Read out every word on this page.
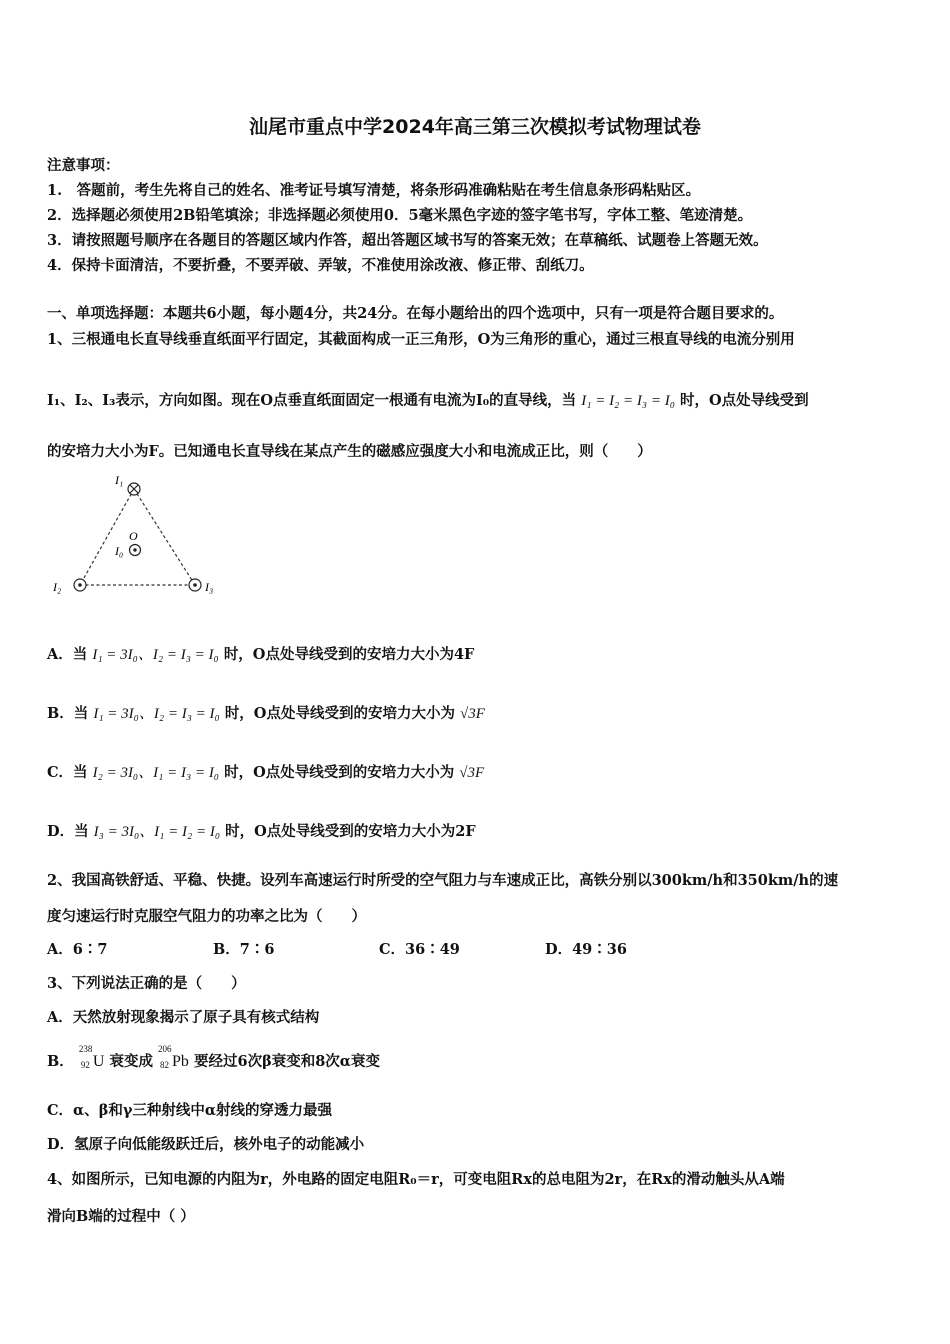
汕尾市重点中学2024年高三第三次模拟考试物理试卷
注意事项：
1.　答题前，考生先将自己的姓名、准考证号填写清楚，将条形码准确粘贴在考生信息条形码粘贴区。
2．选择题必须使用2B铅笔填涂；非选择题必须使用0．5毫米黑色字迹的签字笔书写，字体工整、笔迹清楚。
3．请按照题号顺序在各题目的答题区域内作答，超出答题区域书写的答案无效；在草稿纸、试题卷上答题无效。
4．保持卡面清洁，不要折叠，不要弄破、弄皱，不准使用涂改液、修正带、刮纸刀。
一、单项选择题：本题共6小题，每小题4分，共24分。在每小题给出的四个选项中，只有一项是符合题目要求的。
1、三根通电长直导线垂直纸面平行固定，其截面构成一正三角形，O为三角形的重心，通过三根直导线的电流分别用
I₁、I₂、I₃表示，方向如图。现在O点垂直纸面固定一根通有电流为I₀的直导线，当 I₁ = I₂ = I₃ = I₀ 时，O点处导线受到
的安培力大小为F。已知通电长直导线在某点产生的磁感应强度大小和电流成正比，则（　　）
I₁
I₂	I₃
O
I₀
A．当 I₁ = 3I₀、I₂ = I₃ = I₀ 时，O点处导线受到的安培力大小为4F
B．当 I₁ = 3I₀、I₂ = I₃ = I₀ 时，O点处导线受到的安培力大小为 √3F
C．当 I₂ = 3I₀、I₁ = I₃ = I₀ 时，O点处导线受到的安培力大小为 √3F
D．当 I₃ = 3I₀、I₁ = I₂ = I₀ 时，O点处导线受到的安培力大小为2F
2、我国高铁舒适、平稳、快捷。设列车高速运行时所受的空气阻力与车速成正比，高铁分别以300km/h和350km/h的速
度匀速运行时克服空气阻力的功率之比为（　　）
A．6∶7	B．7∶6	C．36∶49	D．49∶36
3、下列说法正确的是（　　）
A．天然放射现象揭示了原子具有核式结构
B．
238
92 U 衰变成
206
82 Pb 要经过6次β衰变和8次α衰变
C．α、β和γ三种射线中α射线的穿透力最强
D．氢原子向低能级跃迁后，核外电子的动能减小
4、如图所示，已知电源的内阻为r，外电路的固定电阻R₀＝r，可变电阻Rx的总电阻为2r，在Rx的滑动触头从A端
滑向B端的过程中（ ）
